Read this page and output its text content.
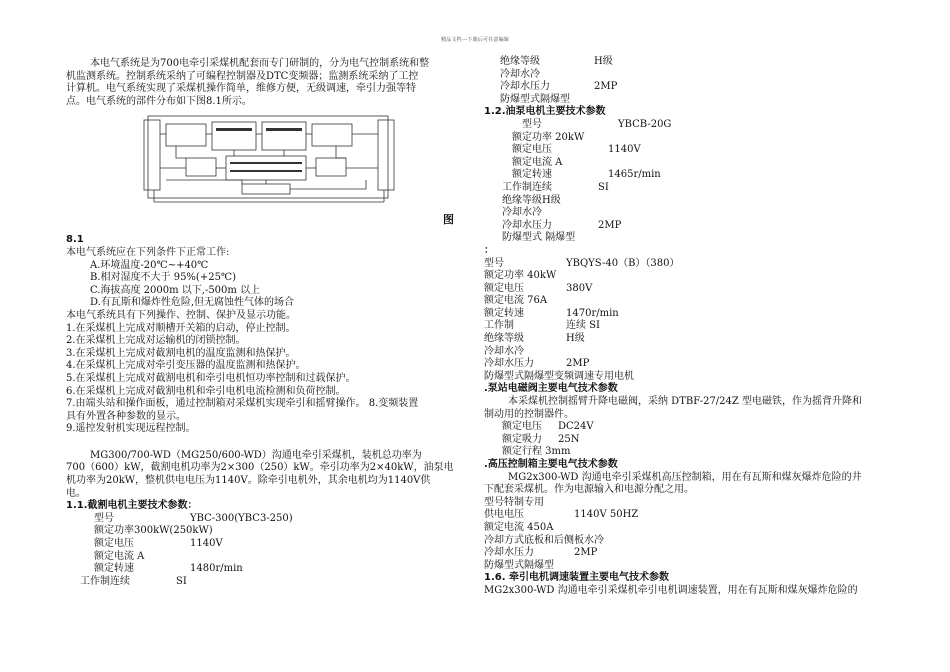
精品文档---下载后可任意编辑
本电气系统是为700电牵引采煤机配套而专门研制的，分为电气控制系统和整
机监测系统。控制系统采纳了可编程控制器及DTC变频器；监测系统采纳了工控
计算机。电气系统实现了采煤机操作简单，维修方便，无级调速，牵引力强等特
点。电气系统的部件分布如下图8.1所示。
图
8.1
本电气系统应在下列条件下正常工作:
A.环境温度-20℃~+40℃
B.相对湿度不大于 95%(+25℃)
C.海拔高度 2000m 以下,-500m 以上
D.有瓦斯和爆炸性危险,但无腐蚀性气体的场合
本电气系统具有下列操作、控制、保护及显示功能。
1.在采煤机上完成对顺槽开关箱的启动，停止控制。
2.在采煤机上完成对运输机的闭锁控制。
3.在采煤机上完成对截割电机的温度监测和热保护。
4.在采煤机上完成对牵引变压器的温度监测和热保护。
5.在采煤机上完成对截割电机和牵引电机恒功率控制和过载保护。
6.在采煤机上完成对截割电机和牵引电机电流检测和负荷控制。
7.由端头站和操作面板，通过控制箱对采煤机实现牵引和摇臂操作。 8.变频装置
具有外置各种参数的显示。
9.遥控发射机实现远程控制。
MG300/700-WD（MG250/600-WD）沟通电牵引采煤机，装机总功率为
700（600）kW，截割电机功率为2×300（250）kW。牵引功率为2×40kW，油泵电
机功率为20kW，整机供电电压为1140V。除牵引电机外，其余电机均为1140V供
电。
1.1.截割电机主要技术参数：
型号	YBC-300(YBC3-250)
额定功率300kW(250kW)
额定电压	1140V
额定电流 A
额定转速	1480r/min
工作制连续	SI
绝缘等级	H级
冷却水冷
冷却水压力	2MP
防爆型式隔爆型
1.2.油泵电机主要技术参数
型号	YBCB-20G
额定功率 20kW
额定电压	1140V
额定电流 A
额定转速	1465r/min
工作制连续	SI
绝缘等级H级
冷却水冷
冷却水压力	2MP
防爆型式 隔爆型
：
型号	YBQYS-40（B）（380）
额定功率 40kW
额定电压	380V
额定电流 76A
额定转速	1470r/min
工作制	连续 SI
绝缘等级	H级
冷却水冷
冷却水压力	2MP
防爆型式隔爆型变频调速专用电机
.泵站电磁阀主要电气技术参数
本采煤机控制摇臂升降电磁阀，采纳 DTBF-27/24Z 型电磁铁，作为摇背升降和
制动用的控制器件。
额定电压 DC24V
额定吸力 25N
额定行程 3mm
.高压控制箱主要电气技术参数
MG2x300-WD 沟通电牵引采煤机高压控制箱，用在有瓦斯和煤灰爆炸危险的井
下配套采煤机。作为电源输入和电源分配之用。
型号特制专用
供电电压	1140V 50HZ
额定电流 450A
冷却方式底板和后侧板水冷
冷却水压力	2MP
防爆型式隔爆型
1.6. 牵引电机调速装置主要电气技术参数
MG2x300-WD 沟通电牵引采煤机牵引电机调速装置，用在有瓦斯和煤灰爆炸危险的
